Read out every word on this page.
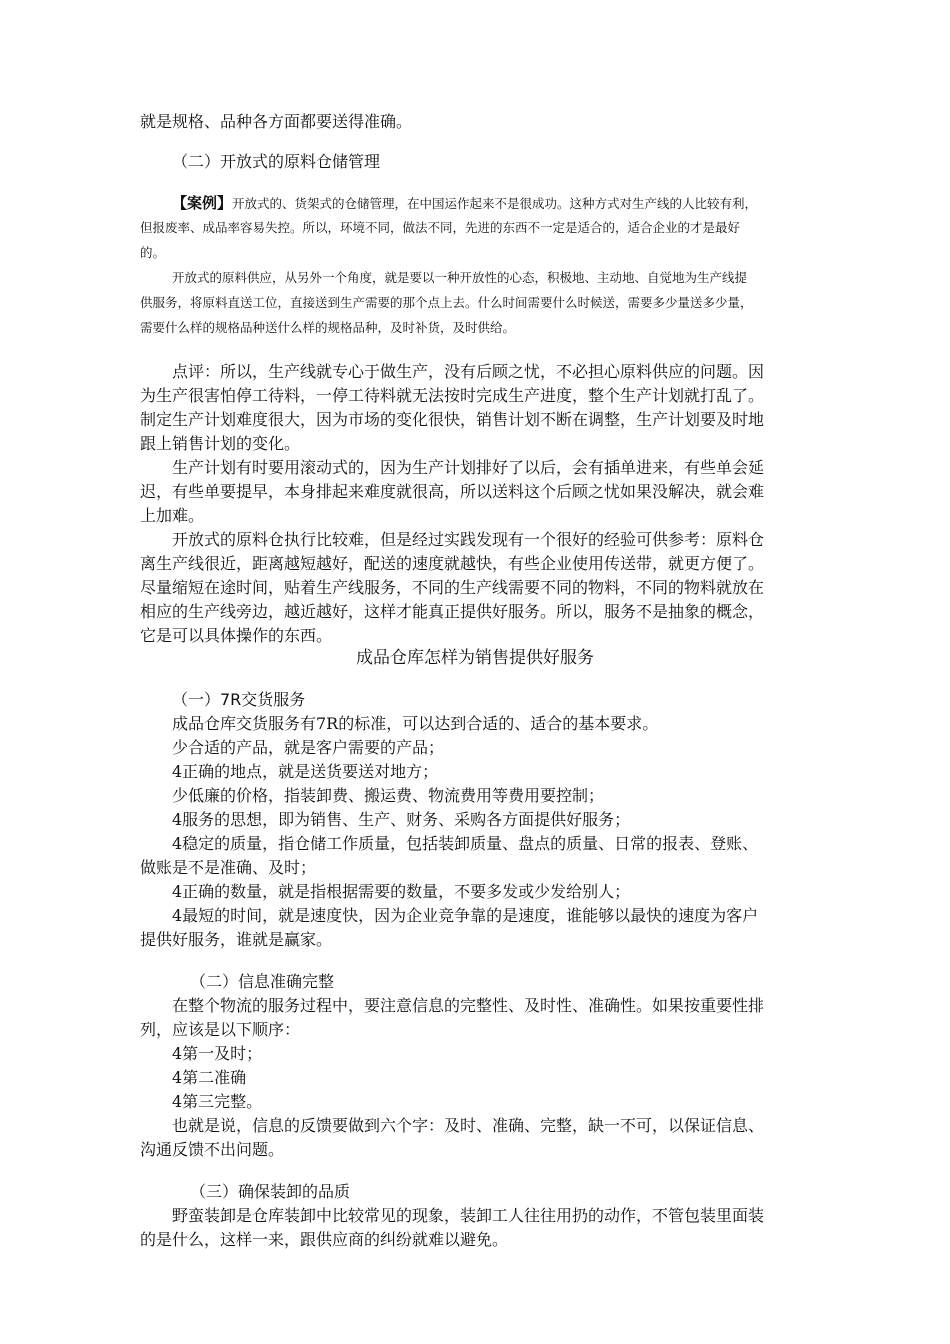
就是规格、品种各方面都要送得准确。
（二）开放式的原料仓储管理
【案例】开放式的、货架式的仓储管理，在中国运作起来不是很成功。这种方式对生产线的人比较有利，
但报废率、成品率容易失控。所以，环境不同，做法不同，先进的东西不一定是适合的，适合企业的才是最好
的。
开放式的原料供应，从另外一个角度，就是要以一种开放性的心态，积极地、主动地、自觉地为生产线提
供服务，将原料直送工位，直接送到生产需要的那个点上去。什么时间需要什么时候送，需要多少量送多少量，
需要什么样的规格品种送什么样的规格品种，及时补货，及时供给。
点评：所以，生产线就专心于做生产，没有后顾之忧，不必担心原料供应的问题。因
为生产很害怕停工待料，一停工待料就无法按时完成生产进度，整个生产计划就打乱了。
制定生产计划难度很大，因为市场的变化很快，销售计划不断在调整，生产计划要及时地
跟上销售计划的变化。
生产计划有时要用滚动式的，因为生产计划排好了以后，会有插单进来，有些单会延
迟，有些单要提早，本身排起来难度就很高，所以送料这个后顾之忧如果没解决，就会难
上加难。
开放式的原料仓执行比较难，但是经过实践发现有一个很好的经验可供参考：原料仓
离生产线很近，距离越短越好，配送的速度就越快，有些企业使用传送带，就更方便了。
尽量缩短在途时间，贴着生产线服务，不同的生产线需要不同的物料，不同的物料就放在
相应的生产线旁边，越近越好，这样才能真正提供好服务。所以，服务不是抽象的概念，
它是可以具体操作的东西。
成品仓库怎样为销售提供好服务
（一）7R交货服务
成品仓库交货服务有7R的标准，可以达到合适的、适合的基本要求。
少合适的产品，就是客户需要的产品；
4正确的地点，就是送货要送对地方；
少低廉的价格，指装卸费、搬运费、物流费用等费用要控制；
4服务的思想，即为销售、生产、财务、采购各方面提供好服务；
4稳定的质量，指仓储工作质量，包括装卸质量、盘点的质量、日常的报表、登账、
做账是不是准确、及时；
4正确的数量，就是指根据需要的数量，不要多发或少发给别人；
4最短的时间，就是速度快，因为企业竞争靠的是速度，谁能够以最快的速度为客户
提供好服务，谁就是赢家。
（二）信息准确完整
在整个物流的服务过程中，要注意信息的完整性、及时性、准确性。如果按重要性排
列，应该是以下顺序：
4第一及时；
4第二准确
4第三完整。
也就是说，信息的反馈要做到六个字：及时、准确、完整，缺一不可，以保证信息、
沟通反馈不出问题。
（三）确保装卸的品质
野蛮装卸是仓库装卸中比较常见的现象，装卸工人往往用扔的动作，不管包装里面装
的是什么，这样一来，跟供应商的纠纷就难以避免。
